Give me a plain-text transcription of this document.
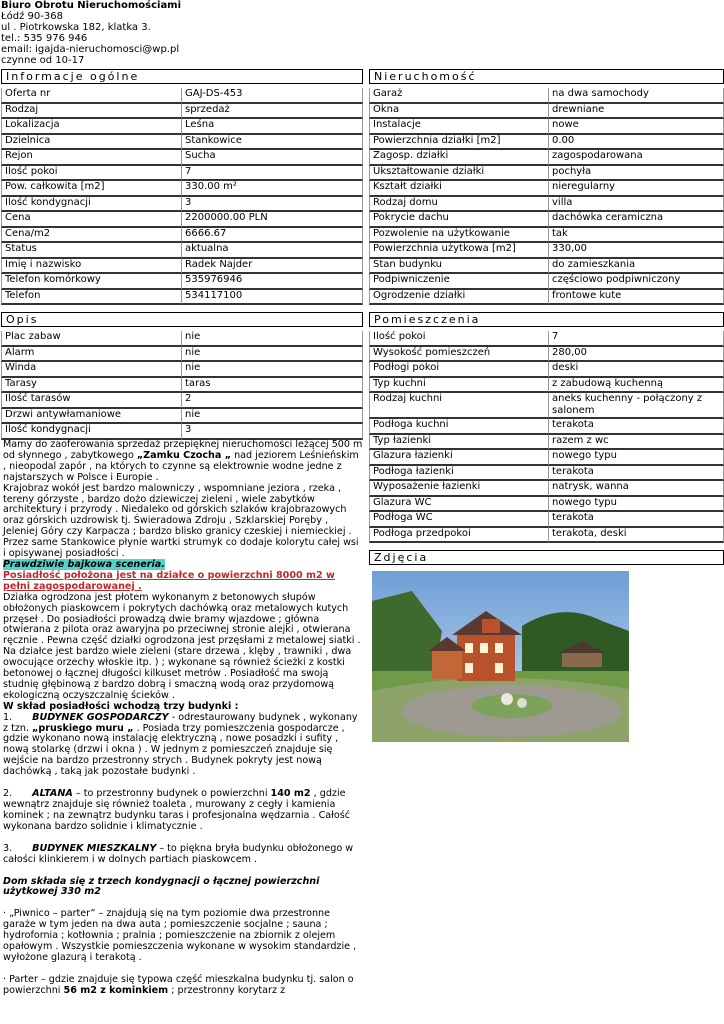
Biuro Obrotu Nieruchomościami
Łódź 90-368
ul . Piotrkowska 182, klatka 3.
tel.: 535 976 946
email: igajda-nieruchomosci@wp.pl
czynne od 10-17
Informacje ogólne	Nieruchomość
Opis	Pomieszczenia
Zdjęcia
Oferta nr	GAJ-DS-453
Rodzaj	sprzedaż
Lokalizacja	Leśna
Dzielnica	Stankowice
Rejon	Sucha
Ilość pokoi	7
Pow. całkowita [m2]	330.00 m²
Ilość kondygnacji	3
Cena	2200000.00 PLN
Cena/m2	6666.67
Status	aktualna
Imię i nazwisko	Radek Najder
Telefon komórkowy	535976946
Telefon	534117100
Garaż	na dwa samochody
Okna	drewniane
Instalacje	nowe
Powierzchnia działki [m2]	0.00
Zagosp. działki	zagospodarowana
Ukształtowanie działki	pochyła
Kształt działki	nieregularny
Rodzaj domu	villa
Pokrycie dachu	dachówka ceramiczna
Pozwolenie na użytkowanie	tak
Powierzchnia użytkowa [m2]	330,00
Stan budynku	do zamieszkania
Podpiwniczenie	częściowo podpiwniczony
Ogrodzenie działki	frontowe kute
Plac zabaw	nie
Alarm	nie
Winda	nie
Tarasy	taras
Ilość tarasów	2
Drzwi antywłamaniowe	nie
Ilość kondygnacji	3
Ilość pokoi	7
Wysokość pomieszczeń	280,00
Podłogi pokoi	deski
Typ kuchni	z zabudową kuchenną
Rodzaj kuchni	aneks kuchenny - połączony z salonem
Podłoga kuchni	terakota
Typ łazienki	razem z wc
Glazura łazienki	nowego typu
Podłoga łazienki	terakota
Wyposażenie łazienki	natrysk, wanna
Glazura WC	nowego typu
Podłoga WC	terakota
Podłoga przedpokoi	terakota, deski

Mamy do zaoferowania sprzedaż przepięknej nieruchomości leżącej 500 m od słynnego , zabytkowego „Zamku Czocha „ nad jeziorem Leśnieńskim , nieopodal zapór , na których to czynne są elektrownie wodne jedne z najstarszych w Polsce i Europie .

Krajobraz wokół jest bardzo malowniczy , wspomniane jeziora , rzeka , tereny górzyste , bardzo dożo dziewiczej zieleni , wiele zabytków architektury i przyrody . Niedaleko od górskich szlaków krajobrazowych oraz górskich uzdrowisk tj. Świeradowa Zdroju , Szklarskiej Poręby , Jeleniej Góry czy Karpacza ; bardzo blisko granicy czeskiej i niemieckiej .

Przez same Stankowice płynie wartki strumyk co dodaje kolorytu całej wsi i opisywanej posiadłości .

Prawdziwie bajkowa sceneria.

Posiadłość położona jest na działce o powierzchni 8000 m2 w pełni zagospodarowanej .

Działka ogrodzona jest płotem wykonanym z betonowych słupów obłożonych piaskowcem i pokrytych dachówką oraz metalowych kutych przęseł . Do posiadłości prowadzą dwie bramy wjazdowe ; główna otwierana z pilota oraz awaryjna po przeciwnej stronie alejki , otwierana ręcznie . Pewna część działki ogrodzona jest przęsłami z metalowej siatki .

Na działce jest bardzo wiele zieleni (stare drzewa , klęby , trawniki , dwa owocujące orzechy włoskie itp. ) ; wykonane są również ścieżki z kostki betonowej o łącznej długości kilkuset metrów . Posiadłość ma swoją studnię głębinową z bardzo dobrą i smaczną wodą oraz przydomową ekologiczną oczyszczalnię ścieków .

W skład posiadłości wchodzą trzy budynki :

1. BUDYNEK GOSPODARCZY - odrestaurowany budynek , wykonany z tzn. „pruskiego muru „ . Posiada trzy pomieszczenia gospodarcze , gdzie wykonano nową instalację elektryczną , nowe posadzki i sufity , nową stolarkę (drzwi i okna ) . W jednym z pomieszczeń znajduje się wejście na bardzo przestronny strych . Budynek pokryty jest nową dachówką , taką jak pozostałe budynki .

2. ALTANA – to przestronny budynek o powierzchni 140 m2 , gdzie wewnątrz znajduje się również toaleta , murowany z cegły i kamienia kominek ; na zewnątrz budynku taras i profesjonalna wędzarnia . Całość wykonana bardzo solidnie i klimatycznie .

3. BUDYNEK MIESZKALNY – to piękna bryła budynku obłożonego w całości klinkierem i w dolnych partiach piaskowcem .

Dom składa się z trzech kondygnacji o łącznej powierzchni użytkowej 330 m2

· „Piwnico – parter” – znajdują się na tym poziomie dwa przestronne garaże w tym jeden na dwa auta ; pomieszczenie socjalne ; sauna ; hydrofornia ; kotłownia ; pralnia ; pomieszczenie na zbiornik z olejem opałowym . Wszystkie pomieszczenia wykonane w wysokim standardzie , wyłożone glazurą i terakotą .

· Parter – gdzie znajduje się typowa część mieszkalna budynku tj. salon o powierzchni 56 m2 z kominkiem ; przestronny korytarz z
